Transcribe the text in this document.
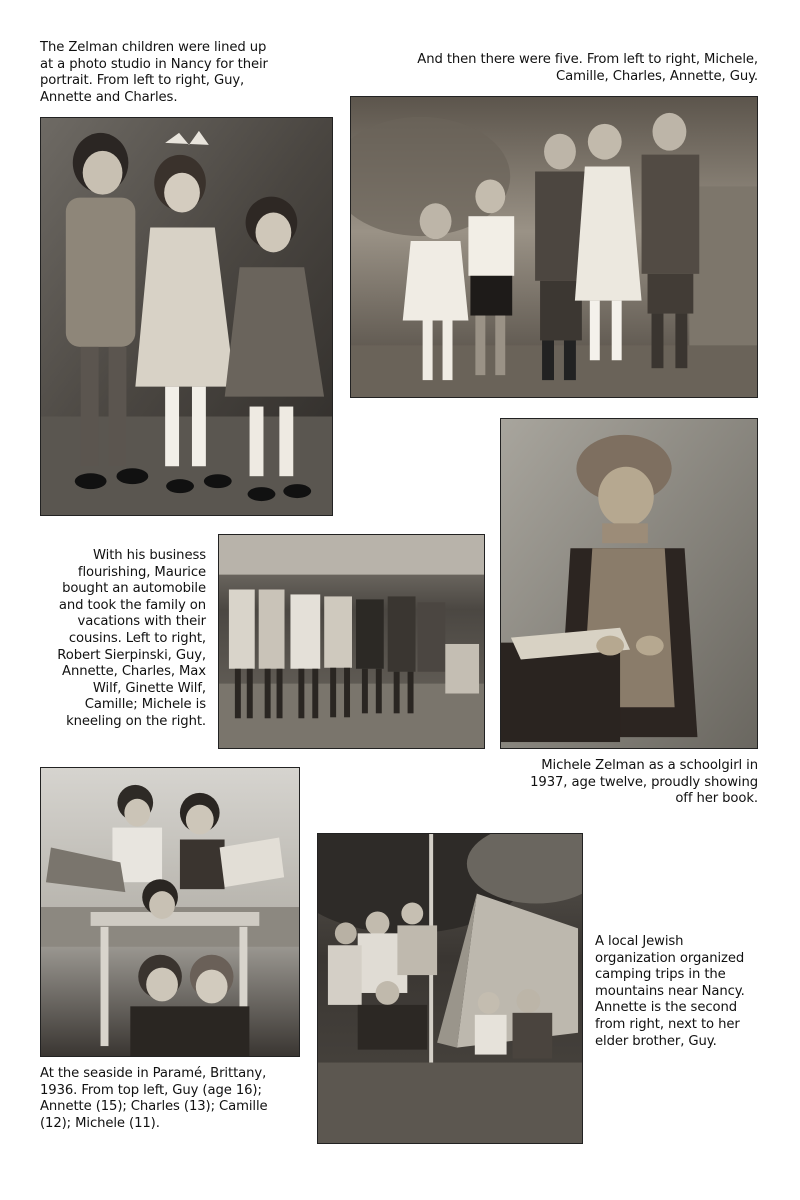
The Zelman children were lined up at a photo studio in Nancy for their portrait. From left to right, Guy, Annette and Charles.

And then there were five. From left to right, Michele, Camille, Charles, Annette, Guy.

With his business flourishing, Maurice bought an automobile and took the family on vacations with their cousins. Left to right, Robert Sierpinski, Guy, Annette, Charles, Max Wilf, Ginette Wilf, Camille; Michele is kneeling on the right.

Michele Zelman as a schoolgirl in 1937, age twelve, proudly showing off her book.

At the seaside in Paramé, Brittany, 1936. From top left, Guy (age 16); Annette (15); Charles (13); Camille (12); Michele (11).

A local Jewish organization organized camping trips in the mountains near Nancy. Annette is the second from right, next to her elder brother, Guy.
